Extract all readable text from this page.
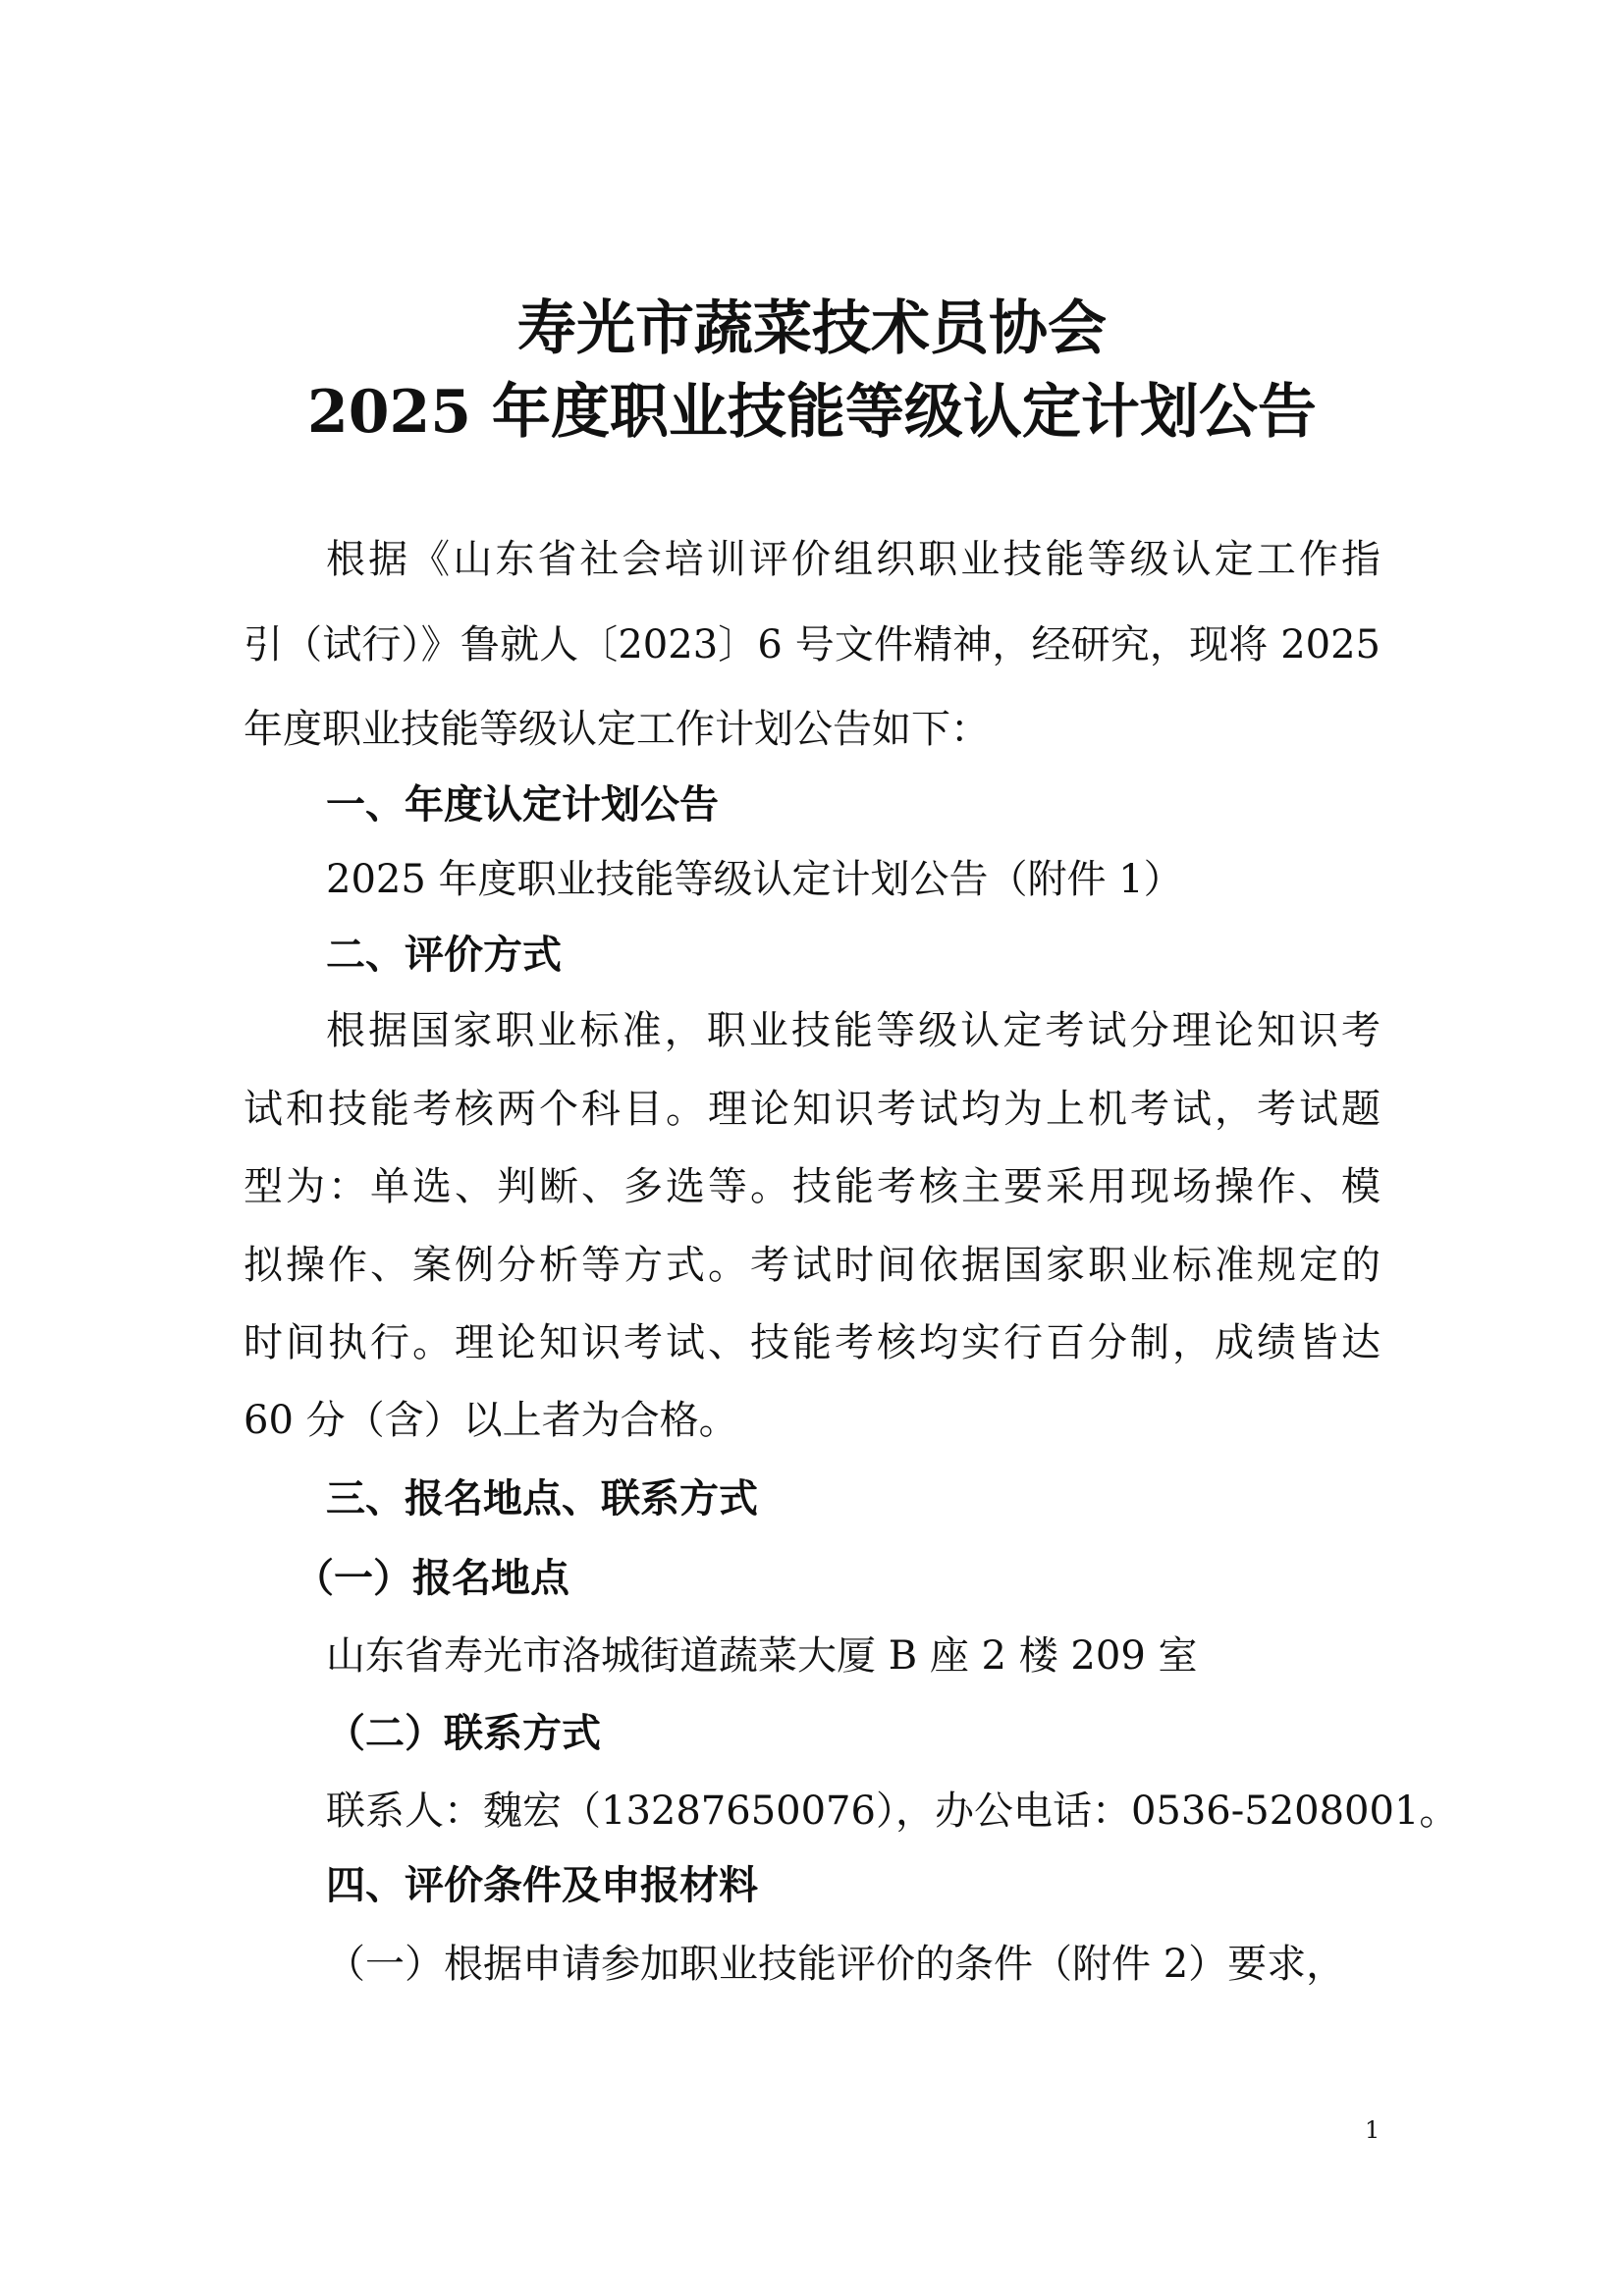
寿光市蔬菜技术员协会
2025 年度职业技能等级认定计划公告

根据《山东省社会培训评价组织职业技能等级认定工作指

引（试行）》鲁就人〔2023〕6 号文件精神，经研究，现将 2025

年度职业技能等级认定工作计划公告如下：

一、年度认定计划公告

2025 年度职业技能等级认定计划公告（附件 1）

二、评价方式

根据国家职业标准，职业技能等级认定考试分理论知识考

试和技能考核两个科目。理论知识考试均为上机考试，考试题

型为：单选、判断、多选等。技能考核主要采用现场操作、模

拟操作、案例分析等方式。考试时间依据国家职业标准规定的

时间执行。理论知识考试、技能考核均实行百分制，成绩皆达

60 分（含）以上者为合格。

三、报名地点、联系方式

（一）报名地点

山东省寿光市洛城街道蔬菜大厦 B 座 2 楼 209 室

（二）联系方式

联系人：魏宏（13287650076），办公电话：0536-5208001。

四、评价条件及申报材料

（一）根据申请参加职业技能评价的条件（附件 2）要求，

1
